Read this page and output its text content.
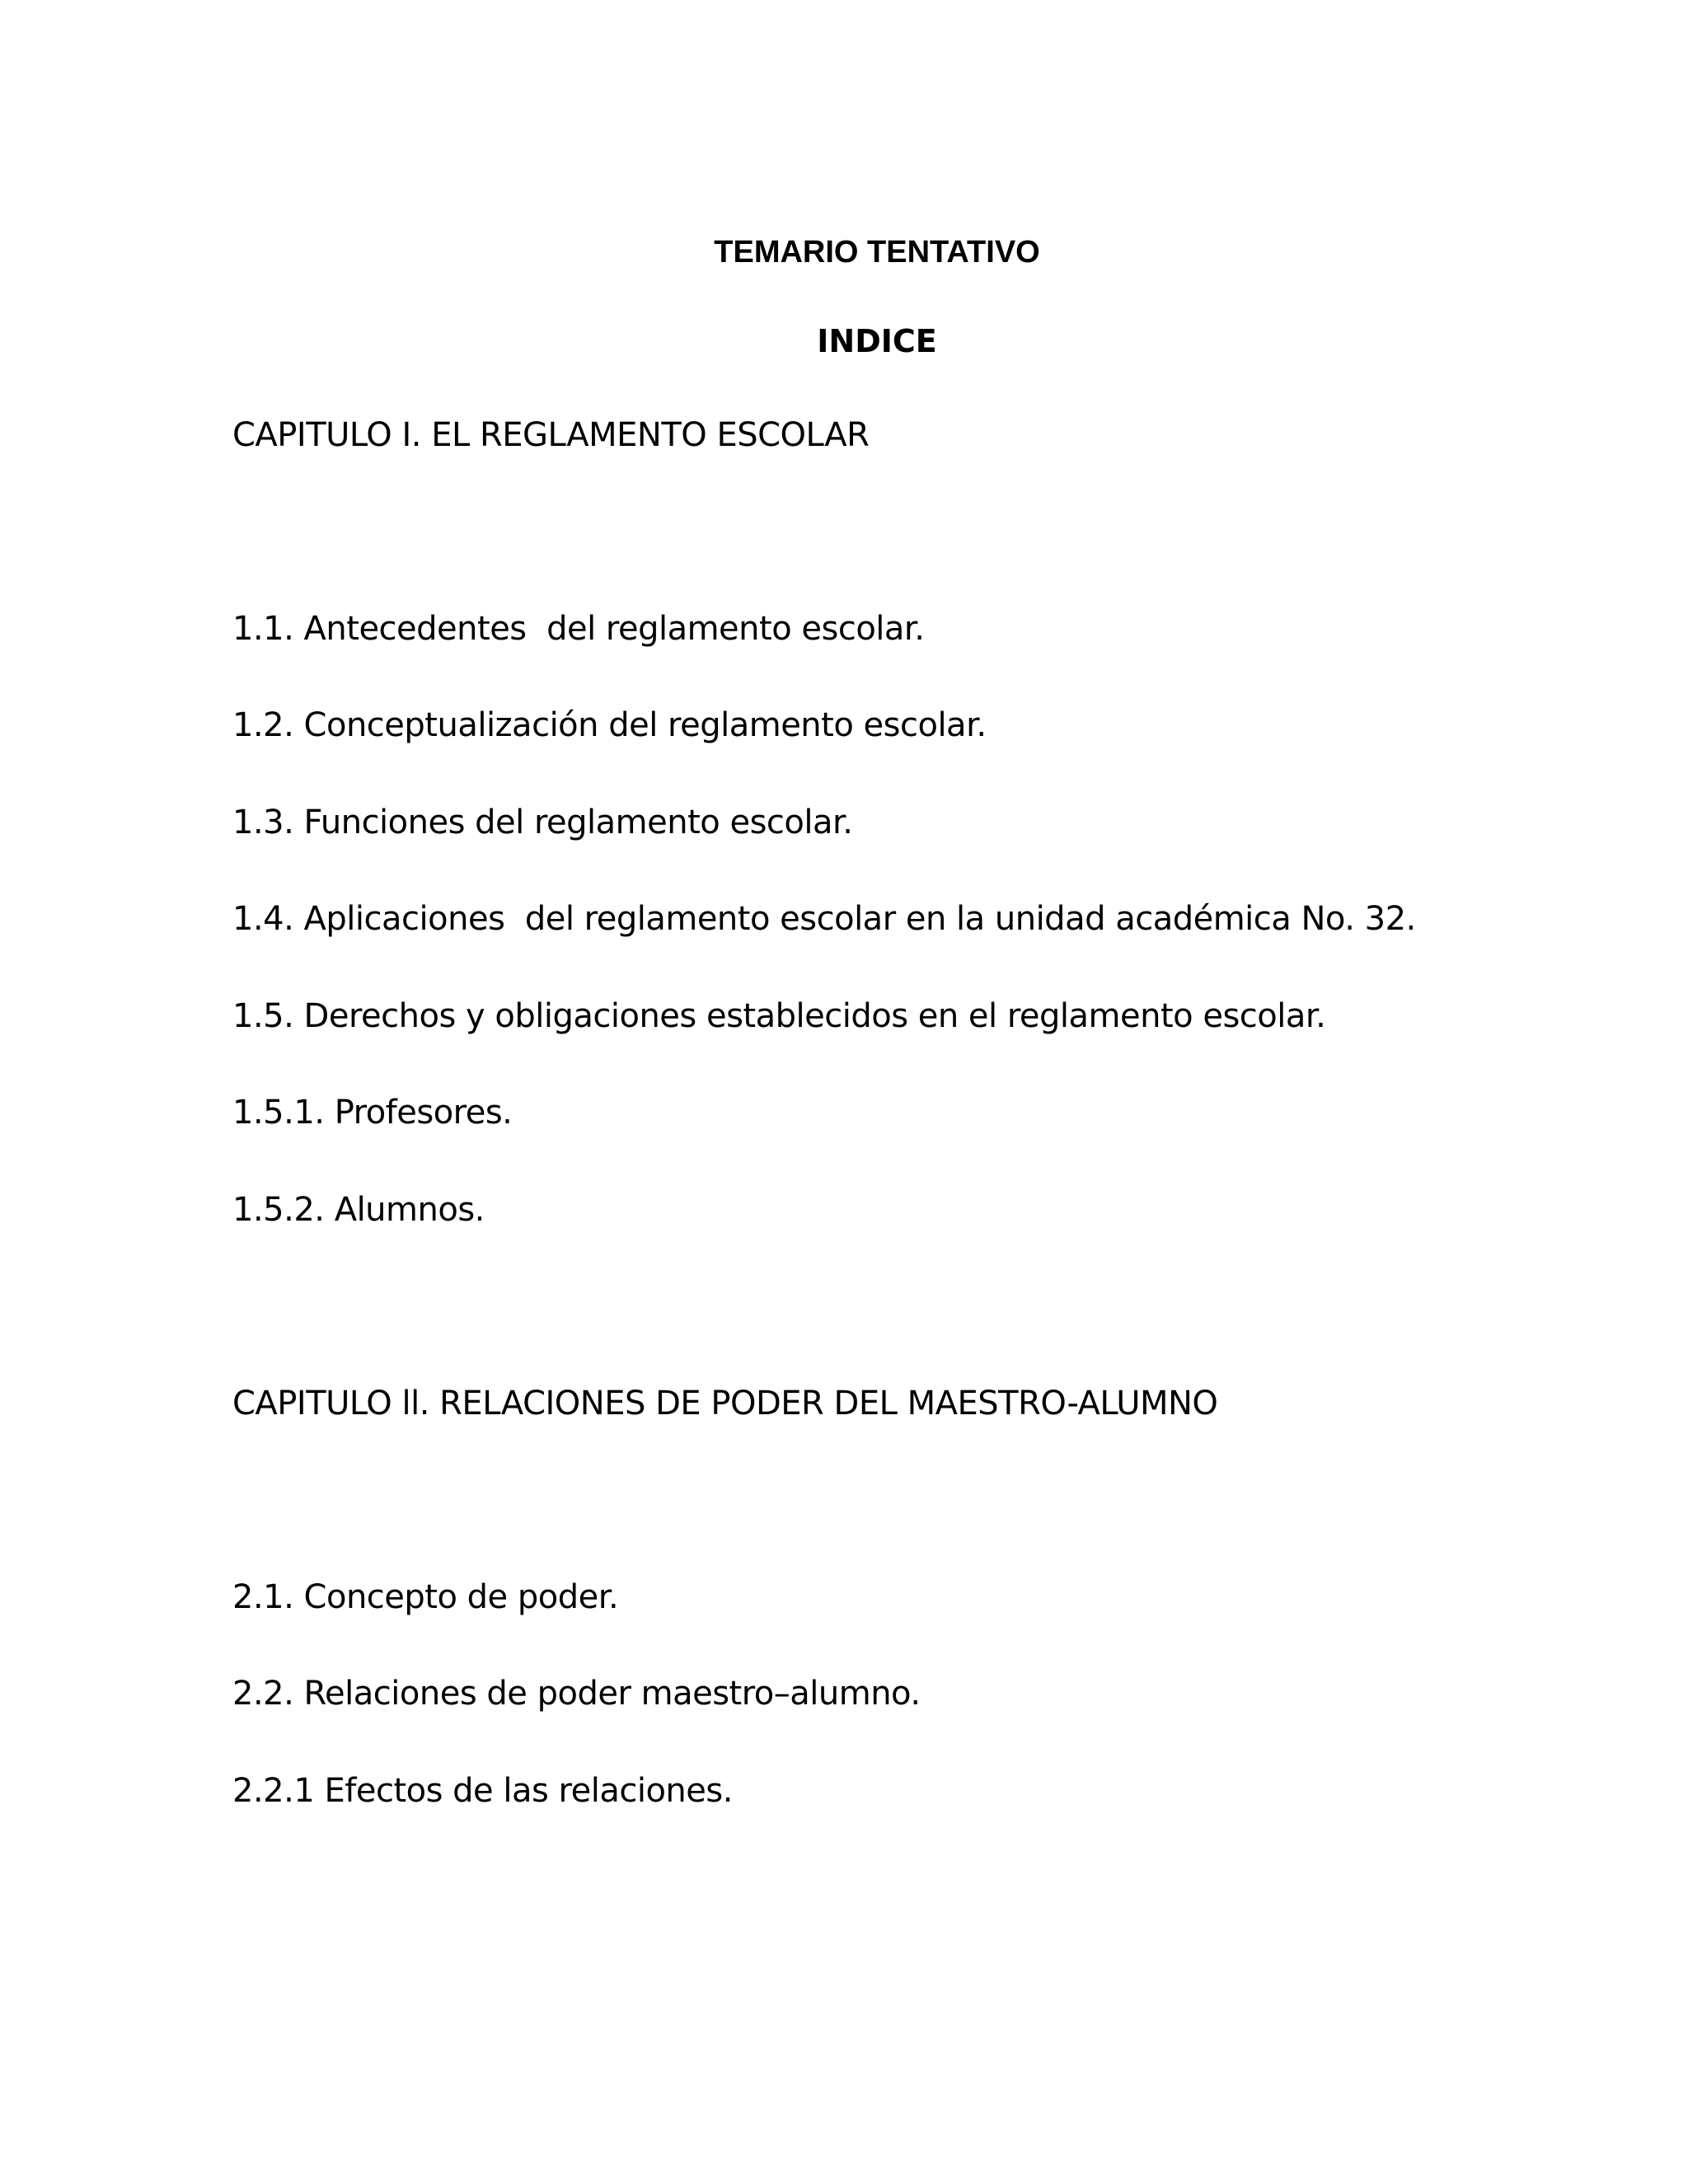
TEMARIO TENTATIVO
INDICE
CAPITULO I. EL REGLAMENTO ESCOLAR
1.1. Antecedentes  del reglamento escolar.
1.2. Conceptualización del reglamento escolar.
1.3. Funciones del reglamento escolar.
1.4. Aplicaciones  del reglamento escolar en la unidad académica No. 32.
1.5. Derechos y obligaciones establecidos en el reglamento escolar.
1.5.1. Profesores.
1.5.2. Alumnos.
CAPITULO ll. RELACIONES DE PODER DEL MAESTRO-ALUMNO
2.1. Concepto de poder.
2.2. Relaciones de poder maestro–alumno.
2.2.1 Efectos de las relaciones.
